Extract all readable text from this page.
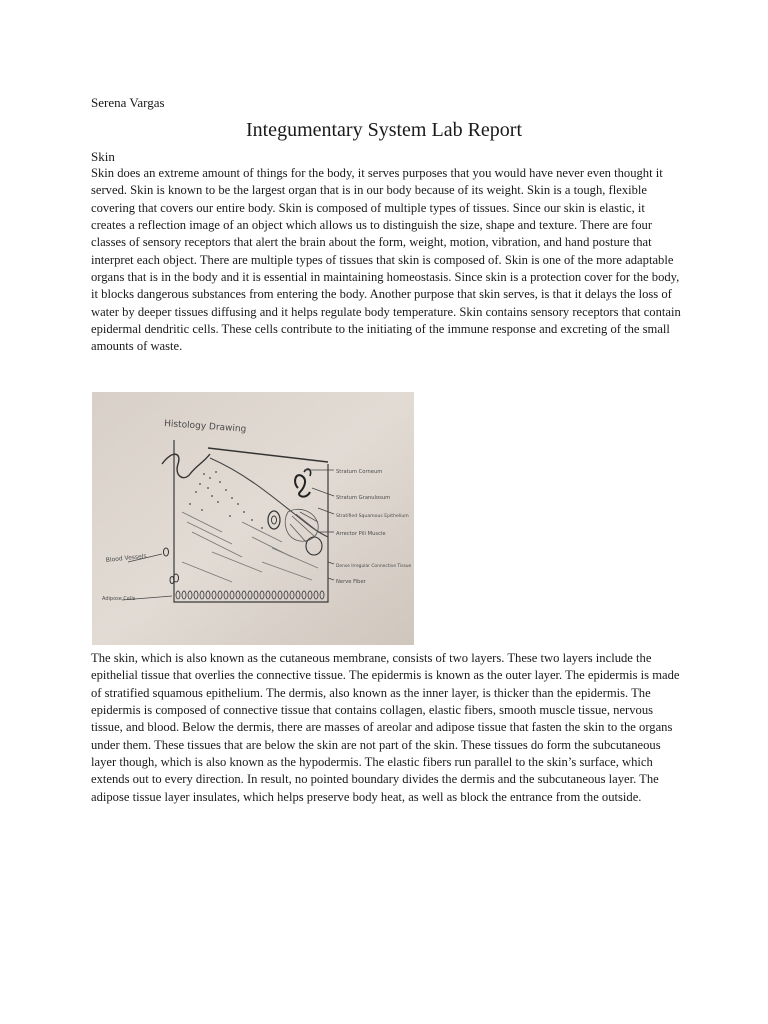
Serena Vargas
Integumentary System Lab Report
Skin

Skin does an extreme amount of things for the body, it serves purposes that you would have never even thought it served. Skin is known to be the largest organ that is in our body because of its weight. Skin is a tough, flexible covering that covers our entire body. Skin is composed of multiple types of tissues. Since our skin is elastic, it creates a reflection image of an object which allows us to distinguish the size, shape and texture. There are four classes of sensory receptors that alert the brain about the form, weight, motion, vibration, and hand posture that interpret each object. There are multiple types of tissues that skin is composed of. Skin is one of the more adaptable organs that is in the body and it is essential in maintaining homeostasis. Since skin is a protection cover for the body, it blocks dangerous substances from entering the body. Another purpose that skin serves, is that it delays the loss of water by deeper tissues diffusing and it helps regulate body temperature. Skin contains sensory receptors that contain epidermal dendritic cells. These cells contribute to the initiating of the immune response and excreting of the small amounts of waste.

Histology Drawing
Stratum Corneum
Stratum Granulosum
Stratified Squamous Epithelium
Arrector Pili Muscle
Dense Irregular Connective Tissue
Nerve Fiber
Blood Vessels
Adipose Cells

The skin, which is also known as the cutaneous membrane, consists of two layers. These two layers include the epithelial tissue that overlies the connective tissue. The epidermis is known as the outer layer. The epidermis is made of stratified squamous epithelium. The dermis, also known as the inner layer, is thicker than the epidermis. The epidermis is composed of connective tissue that contains collagen, elastic fibers, smooth muscle tissue, nervous tissue, and blood. Below the dermis, there are masses of areolar and adipose tissue that fasten the skin to the organs under them. These tissues that are below the skin are not part of the skin. These tissues do form the subcutaneous layer though, which is also known as the hypodermis. The elastic fibers run parallel to the skin’s surface, which extends out to every direction. In result, no pointed boundary divides the dermis and the subcutaneous layer. The adipose tissue layer insulates, which helps preserve body heat, as well as block the entrance from the outside.
